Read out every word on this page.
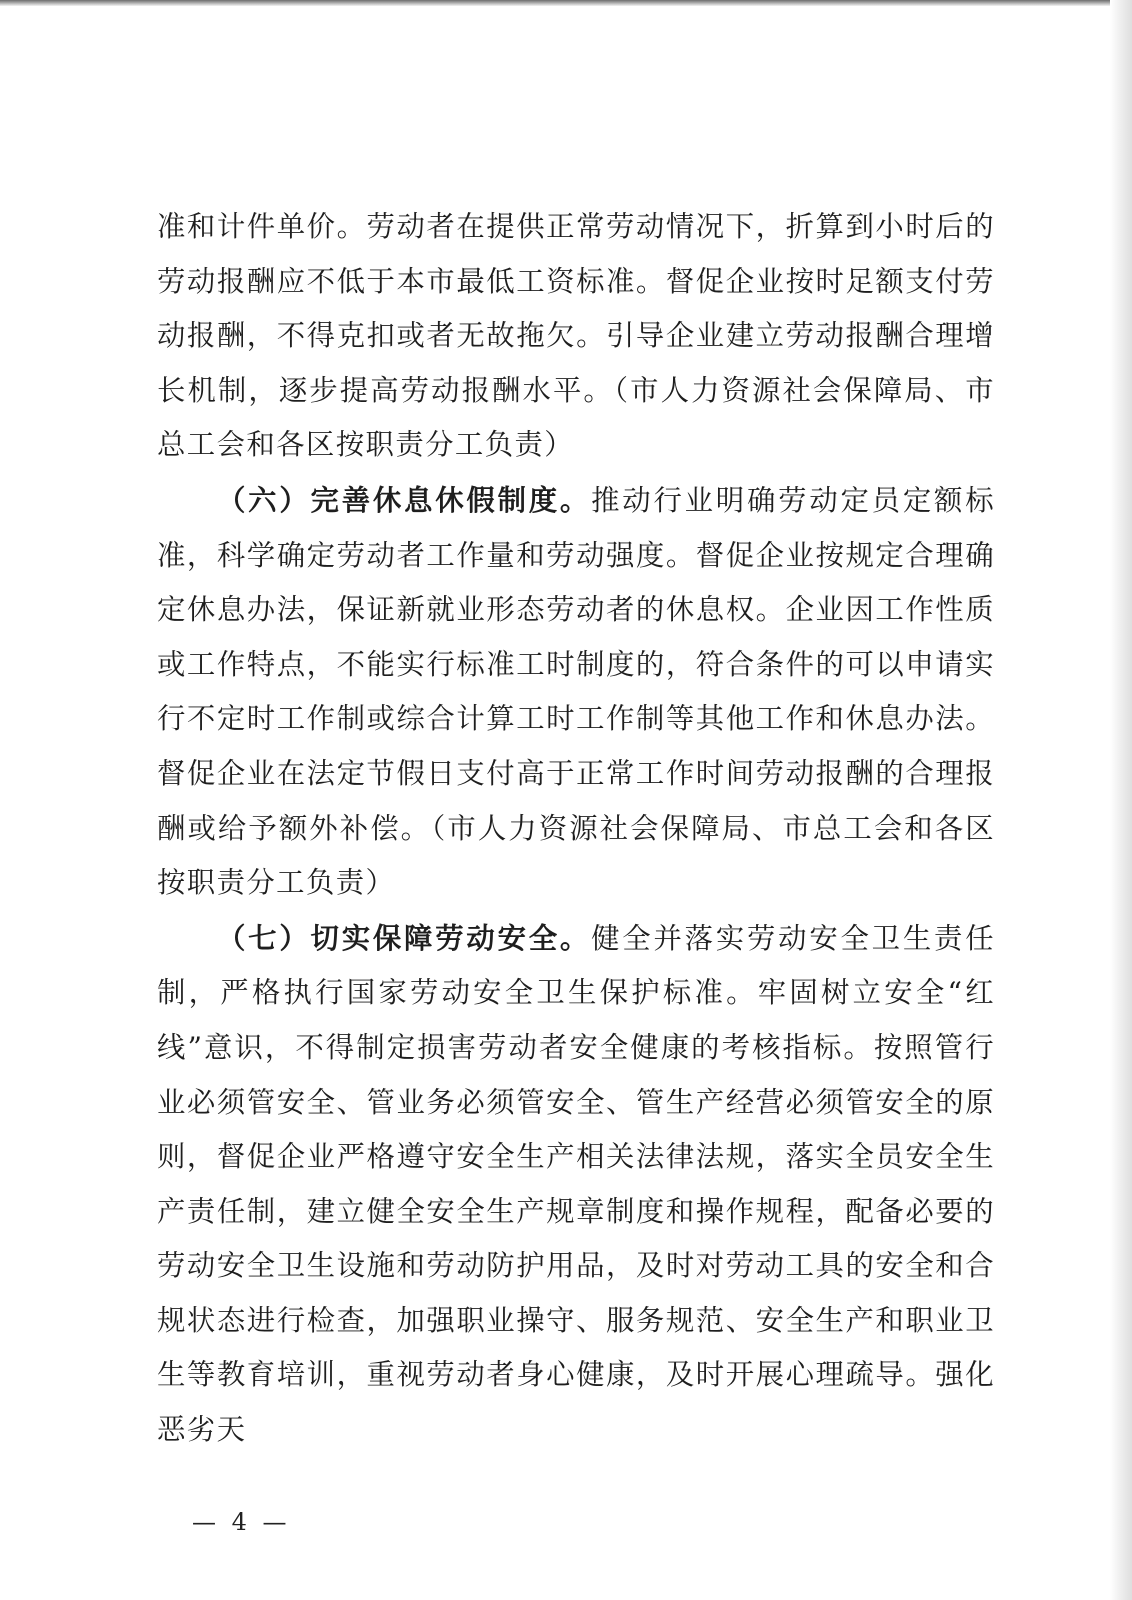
准和计件单价。劳动者在提供正常劳动情况下，折算到小时后的劳动报酬应不低于本市最低工资标准。督促企业按时足额支付劳动报酬，不得克扣或者无故拖欠。引导企业建立劳动报酬合理增长机制，逐步提高劳动报酬水平。（市人力资源社会保障局、市总工会和各区按职责分工负责）

（六）完善休息休假制度。推动行业明确劳动定员定额标准，科学确定劳动者工作量和劳动强度。督促企业按规定合理确定休息办法，保证新就业形态劳动者的休息权。企业因工作性质或工作特点，不能实行标准工时制度的，符合条件的可以申请实行不定时工作制或综合计算工时工作制等其他工作和休息办法。督促企业在法定节假日支付高于正常工作时间劳动报酬的合理报酬或给予额外补偿。（市人力资源社会保障局、市总工会和各区按职责分工负责）

（七）切实保障劳动安全。健全并落实劳动安全卫生责任制，严格执行国家劳动安全卫生保护标准。牢固树立安全“红线”意识，不得制定损害劳动者安全健康的考核指标。按照管行业必须管安全、管业务必须管安全、管生产经营必须管安全的原则，督促企业严格遵守安全生产相关法律法规，落实全员安全生产责任制，建立健全安全生产规章制度和操作规程，配备必要的劳动安全卫生设施和劳动防护用品，及时对劳动工具的安全和合规状态进行检查，加强职业操守、服务规范、安全生产和职业卫生等教育培训，重视劳动者身心健康，及时开展心理疏导。强化恶劣天

— 4 —
